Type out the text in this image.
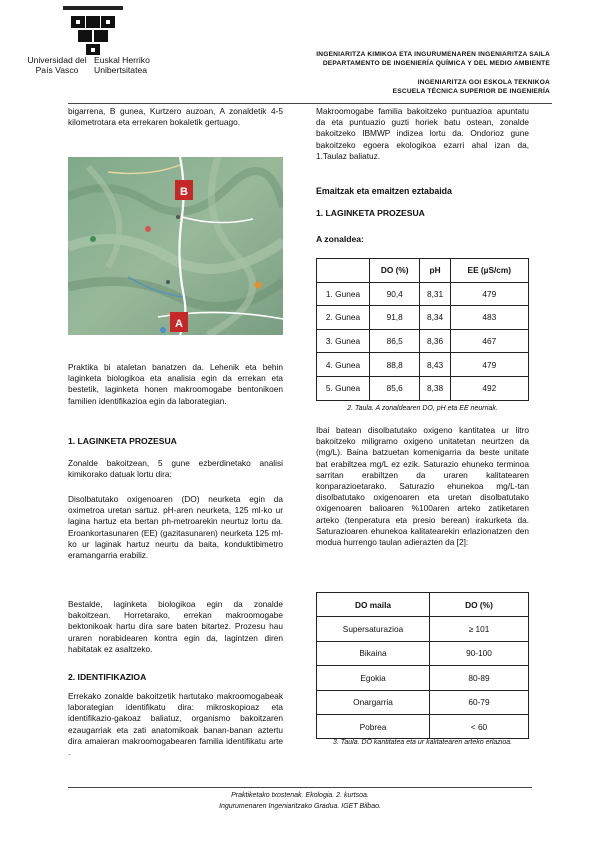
Universidad del País Vasco
Euskal Herriko Unibertsitatea
INGENIARITZA KIMIKOA ETA INGURUMENAREN INGENIARITZA SAILA
DEPARTAMENTO DE INGENIERÍA QUÍMICA Y DEL MEDIO AMBIENTE
INGENIARITZA GOI ESKOLA TEKNIKOA
ESCUELA TÉCNICA SUPERIOR DE INGENIERÍA
bigarrena, B gunea, Kurtzero auzoan, A zonaldetik 4-5 kilometrotara eta errekaren bokaletik gertuago.
B
A
Praktika bi ataletan banatzen da. Lehenik eta behin laginketa biologikoa eta analisia egin da errekan eta bestetik, laginketa honen makroomogabe bentonikoen familien identifikazioa egin da laborategian.
1. LAGINKETA PROZESUA
Zonalde bakoitzean, 5 gune ezberdinetako analisi kimikorako datuak lortu dira:
Disolbatutako oxigenoaren (DO) neurketa egin da oximetroa uretan sartuz. pH-aren neurketa, 125 ml-ko ur lagina hartuz eta bertan ph-metroarekin neurtuz lortu da. Eroankortasunaren (EE) (gazitasunaren) neurketa 125 ml-ko ur laginak hartuz neurtu da baita, konduktibimetro eramangarria erabiliz.
Bestalde, laginketa biologikoa egin da zonalde bakoitzean. Horretarako, errekan makroomogabe bektonikoak hartu dira sare baten bitartez. Prozesu hau uraren norabidearen kontra egin da, lagintzen diren habitatak ez asaltzeko.
2. IDENTIFIKAZIOA
Errekako zonalde bakoitzetik hartutako makroomogabeak laborategian identifikatu dira: mikroskopioaz eta identifikazio-gakoaz baliatuz, organismo bakoitzaren ezaugarriak eta zati anatomikoak banan-banan aztertu dira amaieran makroomogabearen familia identifikatu arte .
Makroomogabe familia bakoitzeko puntuazioa apuntatu da eta puntuazio guzti horiek batu ostean, zonalde bakoitzeko IBMWP indizea lortu da. Ondorioz gune bakoitzeko egoera ekologikoa ezarri ahal izan da, 1.Taulaz baliatuz.
Emaitzak eta emaitzen eztabaida
1. LAGINKETA PROZESUA
A zonaldea:
	DO (%)	pH	EE (µS/cm)
1. Gunea	90,4	8,31	479
2. Gunea	91,8	8,34	483
3. Gunea	86,5	8,36	467
4. Gunea	88,8	8,43	479
5. Gunea	85,6	8,38	492
2. Taula. A zonaldearen DO, pH eta EE neurriak.
Ibai batean disolbatutako oxigeno kantitatea ur litro bakoitzeko miligramo oxigeno unitatetan neurtzen da (mg/L). Baina batzuetan komenigarria da beste unitate bat erabiltzea mg/L ez ezik. Saturazio ehuneko terminoa sarritan erabiltzen da uraren kalitatearen konparazioetarako. Saturazio ehunekoa mg/L-tan disolbatutako oxigenoaren eta uretan disolbatutako oxigenoaren balioaren %100aren arteko zatiketaren arteko (tenperatura eta presio berean) irakurketa da. Saturazioaren ehunekoa kalitatearekin erlazionatzen den modua hurrengo taulan adierazten da [2]:
DO maila	DO (%)
Supersaturazioa	≥ 101
Bikaina	90-100
Egokia	80-89
Onargarria	60-79
Pobrea	< 60
3. Taula. DO kantitatea eta ur kalitatearen arteko erlazioa.
Praktiketako txostenak. Ekologia. 2. kurtsoa.
Ingurumenaren Ingeniaritzako Gradua. IGET Bilbao.
